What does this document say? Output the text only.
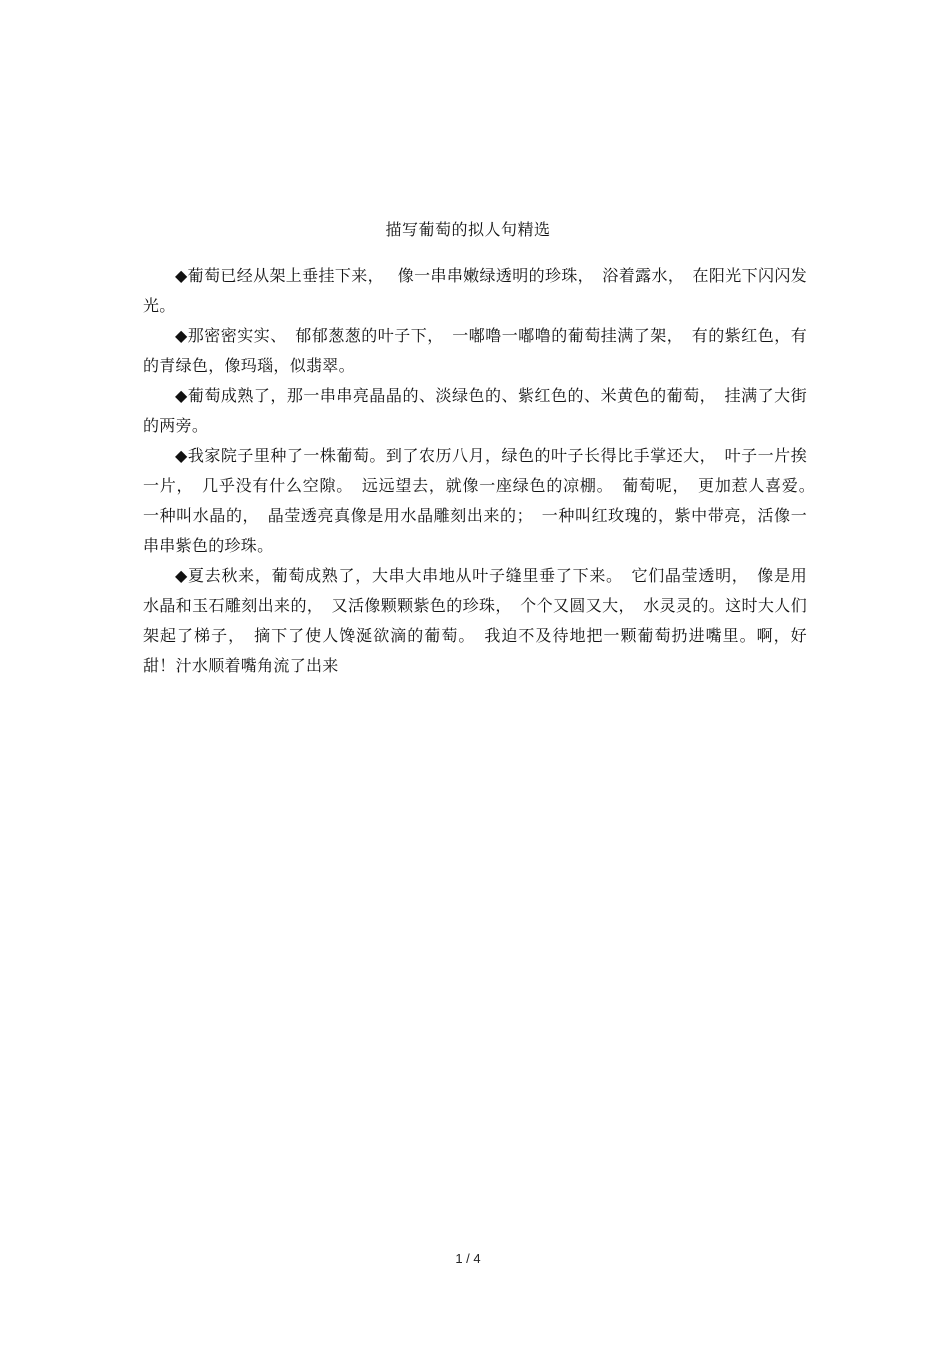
描写葡萄的拟人句精选

◆葡萄已经从架上垂挂下来，　 像一串串嫩绿透明的珍珠，　浴着露水，　在阳光下闪闪发光。

◆那密密实实、　郁郁葱葱的叶子下，　一嘟噜一嘟噜的葡萄挂满了架，　有的紫红色，有的青绿色，像玛瑙，似翡翠。

◆葡萄成熟了，那一串串亮晶晶的、淡绿色的、紫红色的、米黄色的葡萄，　挂满了大街的两旁。

◆我家院子里种了一株葡萄。到了农历八月，绿色的叶子长得比手掌还大，　叶子一片挨一片，　几乎没有什么空隙。　远远望去，就像一座绿色的凉棚。　葡萄呢，　更加惹人喜爱。　一种叫水晶的，　晶莹透亮真像是用水晶雕刻出来的；　一种叫红玫瑰的，紫中带亮，活像一串串紫色的珍珠。

◆夏去秋来，葡萄成熟了，大串大串地从叶子缝里垂了下来。　它们晶莹透明，　像是用水晶和玉石雕刻出来的，　又活像颗颗紫色的珍珠，　个个又圆又大，　水灵灵的。这时大人们架起了梯子，　摘下了使人馋涎欲滴的葡萄。　我迫不及待地把一颗葡萄扔进嘴里。啊，好甜！汁水顺着嘴角流了出来

1 / 4
